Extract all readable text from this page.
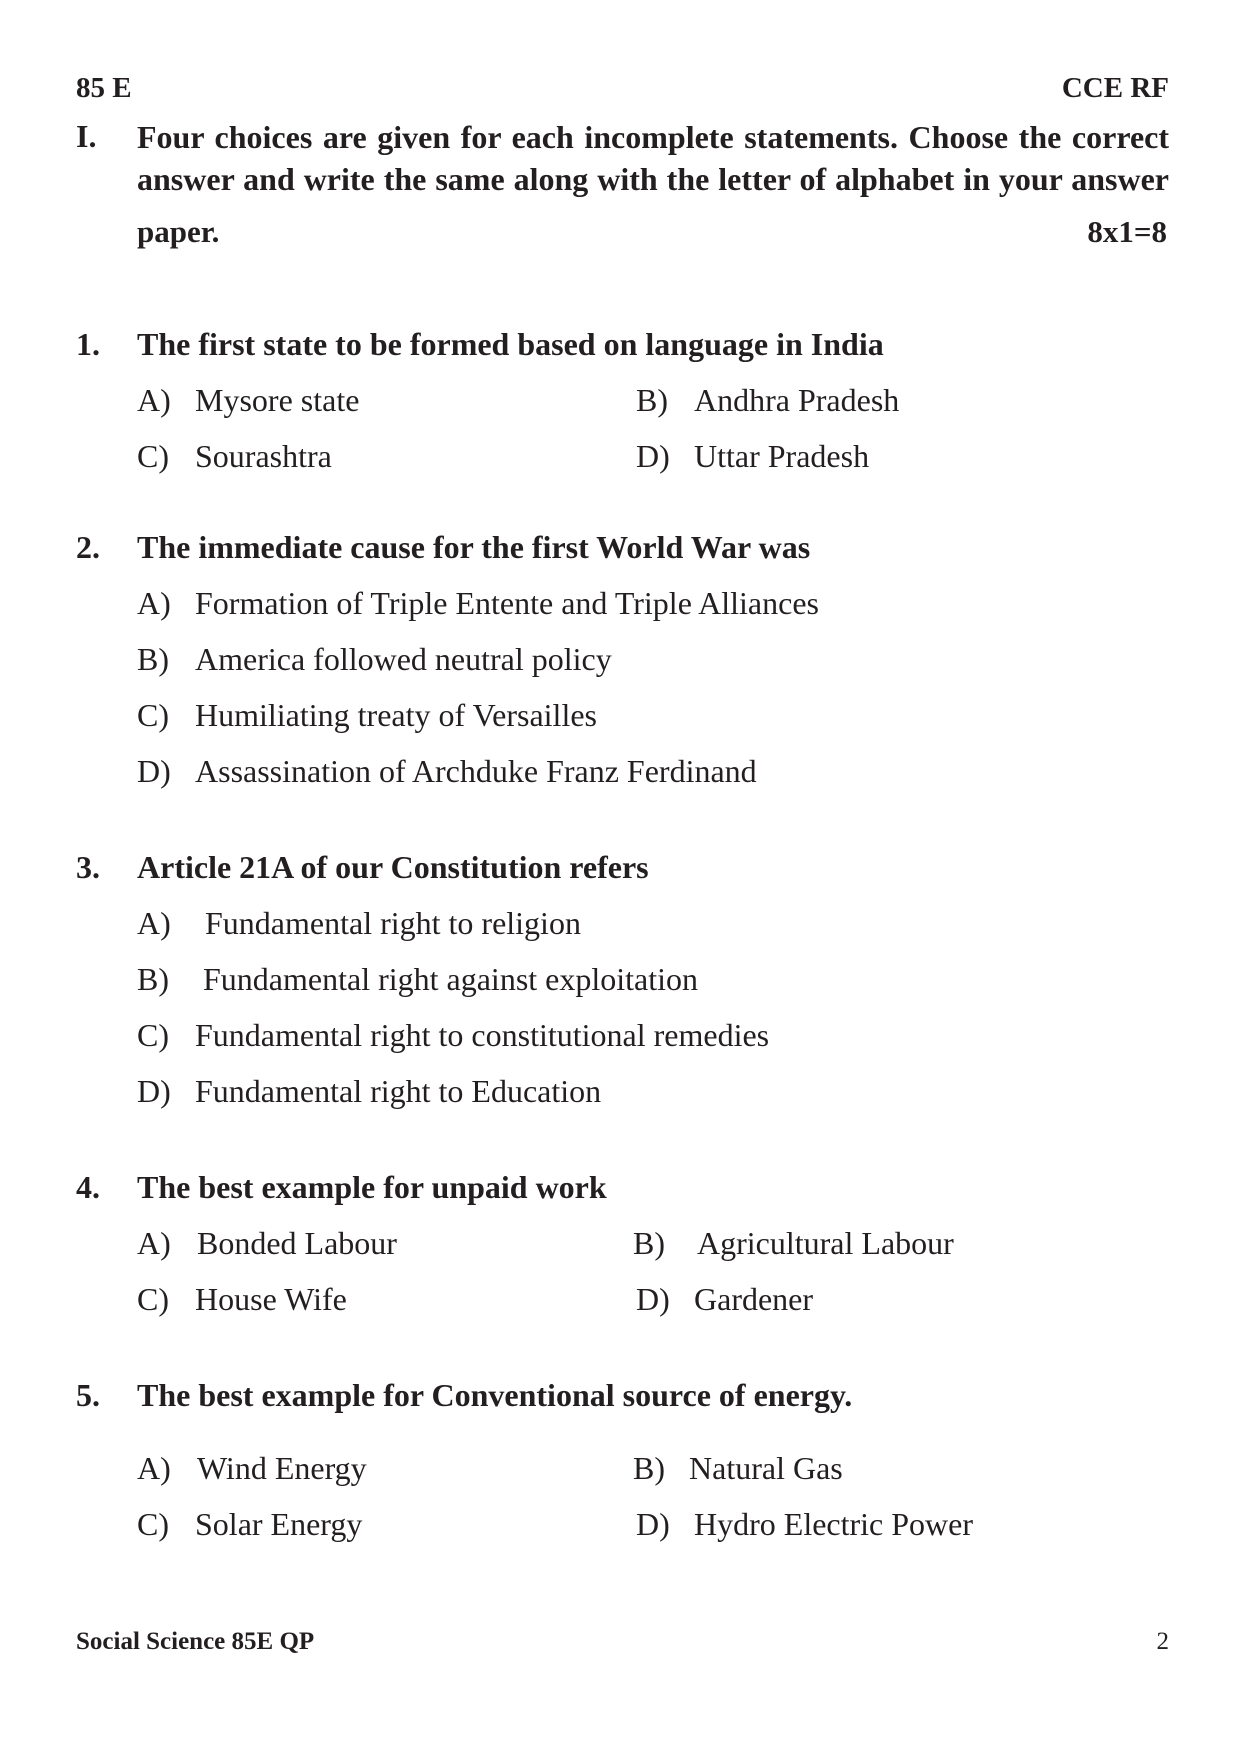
85 E	CCE RF
I. Four choices are given for each incomplete statements. Choose the correct
answer and write the same along with the letter of alphabet in your answer
paper.	8x1=8
1. The first state to be formed based on language in India
A) Mysore state	B) Andhra Pradesh
C) Sourashtra	D) Uttar Pradesh
2. The immediate cause for the first World War was
A) Formation of Triple Entente and Triple Alliances
B) America followed neutral policy
C) Humiliating treaty of Versailles
D) Assassination of Archduke Franz Ferdinand
3. Article 21A of our Constitution refers
A) Fundamental right to religion
B) Fundamental right against exploitation
C) Fundamental right to constitutional remedies
D) Fundamental right to Education
4. The best example for unpaid work
A) Bonded Labour	B) Agricultural Labour
C) House Wife	D) Gardener
5. The best example for Conventional source of energy.
A) Wind Energy	B) Natural Gas
C) Solar Energy	D) Hydro Electric Power
Social Science 85E QP	2
